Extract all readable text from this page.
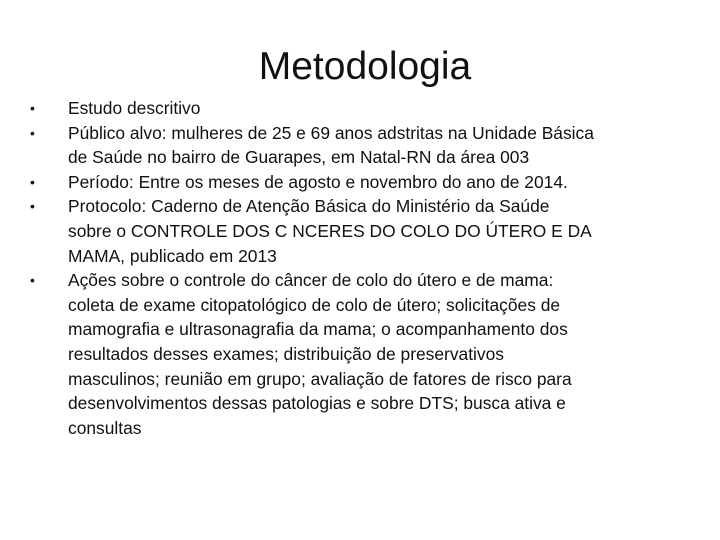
Metodologia
•	Estudo descritivo
•	Público alvo: mulheres de 25 e 69 anos adstritas na Unidade Básica
de Saúde no bairro de Guarapes, em Natal-RN da área 003
•	Período: Entre os meses de agosto e novembro do ano de 2014.
•	Protocolo: Caderno de Atenção Básica do Ministério da Saúde
sobre o CONTROLE DOS C NCERES DO COLO DO ÚTERO E DA
MAMA, publicado em 2013
•	Ações sobre o controle do câncer de colo do útero e de mama:
coleta de exame citopatológico de colo de útero; solicitações de
mamografia e ultrasonagrafia da mama; o acompanhamento dos
resultados desses exames; distribuição de preservativos
masculinos; reunião em grupo; avaliação de fatores de risco para
desenvolvimentos dessas patologias e sobre DTS; busca ativa e
consultas
